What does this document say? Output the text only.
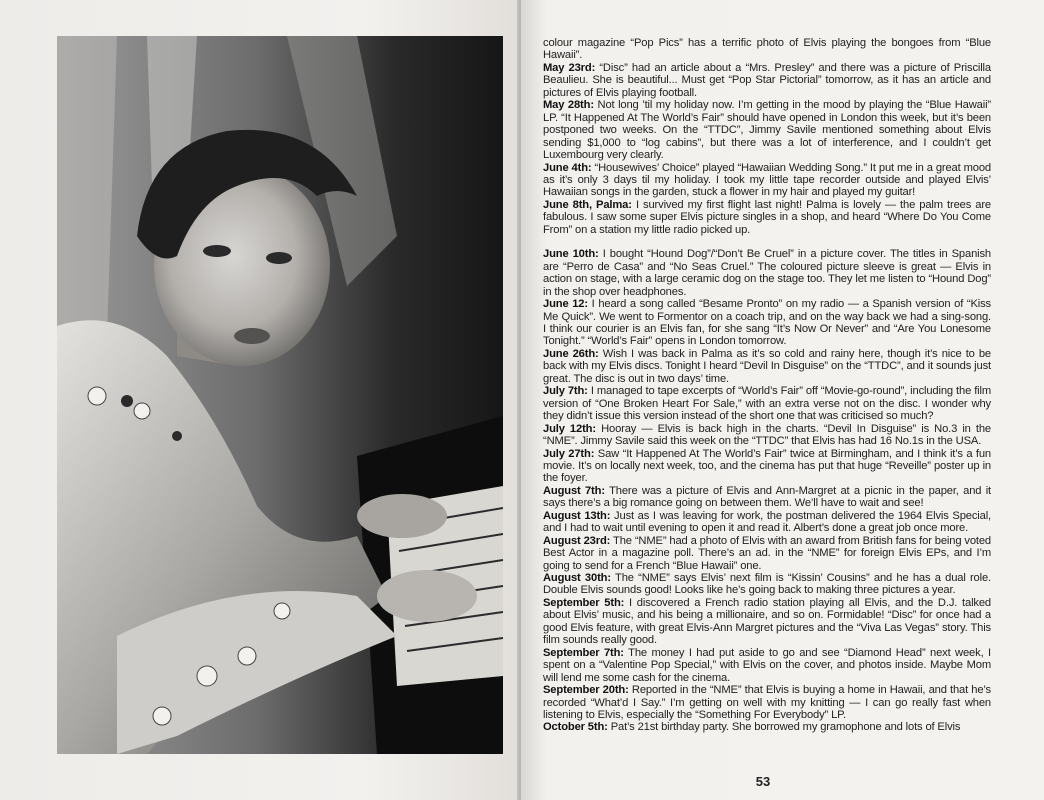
colour magazine “Pop Pics” has a terrific photo of Elvis playing the bongoes from “Blue Hawaii”.

May 23rd: “Disc” had an article about a “Mrs. Presley” and there was a picture of Priscilla Beaulieu. She is beautiful... Must get “Pop Star Pictorial” tomorrow, as it has an article and pictures of Elvis playing football.

May 28th: Not long ’til my holiday now. I’m getting in the mood by playing the “Blue Hawaii” LP. “It Happened At The World’s Fair” should have opened in London this week, but it’s been postponed two weeks. On the “TTDC”, Jimmy Savile mentioned something about Elvis sending $1,000 to “log cabins”, but there was a lot of interference, and I couldn’t get Luxembourg very clearly.

June 4th: “Housewives’ Choice” played “Hawaiian Wedding Song.” It put me in a great mood as it’s only 3 days til my holiday. I took my little tape recorder outside and played Elvis’ Hawaiian songs in the garden, stuck a flower in my hair and played my guitar!

June 8th, Palma: I survived my first flight last night! Palma is lovely — the palm trees are fabulous. I saw some super Elvis picture singles in a shop, and heard “Where Do You Come From” on a station my little radio picked up.

June 10th: I bought “Hound Dog”/“Don’t Be Cruel” in a picture cover. The titles in Spanish are “Perro de Casa” and “No Seas Cruel.” The coloured picture sleeve is great — Elvis in action on stage, with a large ceramic dog on the stage too. They let me listen to “Hound Dog” in the shop over headphones.

June 12: I heard a song called “Besame Pronto” on my radio — a Spanish version of “Kiss Me Quick”. We went to Formentor on a coach trip, and on the way back we had a sing-song. I think our courier is an Elvis fan, for she sang “It’s Now Or Never” and “Are You Lonesome Tonight.” “World’s Fair” opens in London tomorrow.

June 26th: Wish I was back in Palma as it’s so cold and rainy here, though it’s nice to be back with my Elvis discs. Tonight I heard “Devil In Disguise” on the “TTDC”, and it sounds just great. The disc is out in two days’ time.

July 7th: I managed to tape excerpts of “World’s Fair” off “Movie-go-round”, including the film version of “One Broken Heart For Sale,” with an extra verse not on the disc. I wonder why they didn’t issue this version instead of the short one that was criticised so much?

July 12th: Hooray — Elvis is back high in the charts. “Devil In Disguise” is No.3 in the “NME”. Jimmy Savile said this week on the “TTDC” that Elvis has had 16 No.1s in the USA.

July 27th: Saw “It Happened At The World’s Fair” twice at Birmingham, and I think it’s a fun movie. It’s on locally next week, too, and the cinema has put that huge “Reveille” poster up in the foyer.

August 7th: There was a picture of Elvis and Ann-Margret at a picnic in the paper, and it says there’s a big romance going on between them. We’ll have to wait and see!

August 13th: Just as I was leaving for work, the postman delivered the 1964 Elvis Special, and I had to wait until evening to open it and read it. Albert’s done a great job once more.

August 23rd: The “NME” had a photo of Elvis with an award from British fans for being voted Best Actor in a magazine poll. There’s an ad. in the “NME” for foreign Elvis EPs, and I’m going to send for a French “Blue Hawaii” one.

August 30th: The “NME” says Elvis’ next film is “Kissin’ Cousins” and he has a dual role. Double Elvis sounds good! Looks like he’s going back to making three pictures a year.

September 5th: I discovered a French radio station playing all Elvis, and the D.J. talked about Elvis’ music, and his being a millionaire, and so on. Formidable! “Disc” for once had a good Elvis feature, with great Elvis-Ann Margret pictures and the “Viva Las Vegas” story. This film sounds really good.

September 7th: The money I had put aside to go and see “Diamond Head” next week, I spent on a “Valentine Pop Special,” with Elvis on the cover, and photos inside. Maybe Mom will lend me some cash for the cinema.

September 20th: Reported in the “NME” that Elvis is buying a home in Hawaii, and that he’s recorded “What’d I Say.” I’m getting on well with my knitting — I can go really fast when listening to Elvis, especially the “Something For Everybody” LP.

October 5th: Pat’s 21st birthday party. She borrowed my gramophone and lots of Elvis

53
